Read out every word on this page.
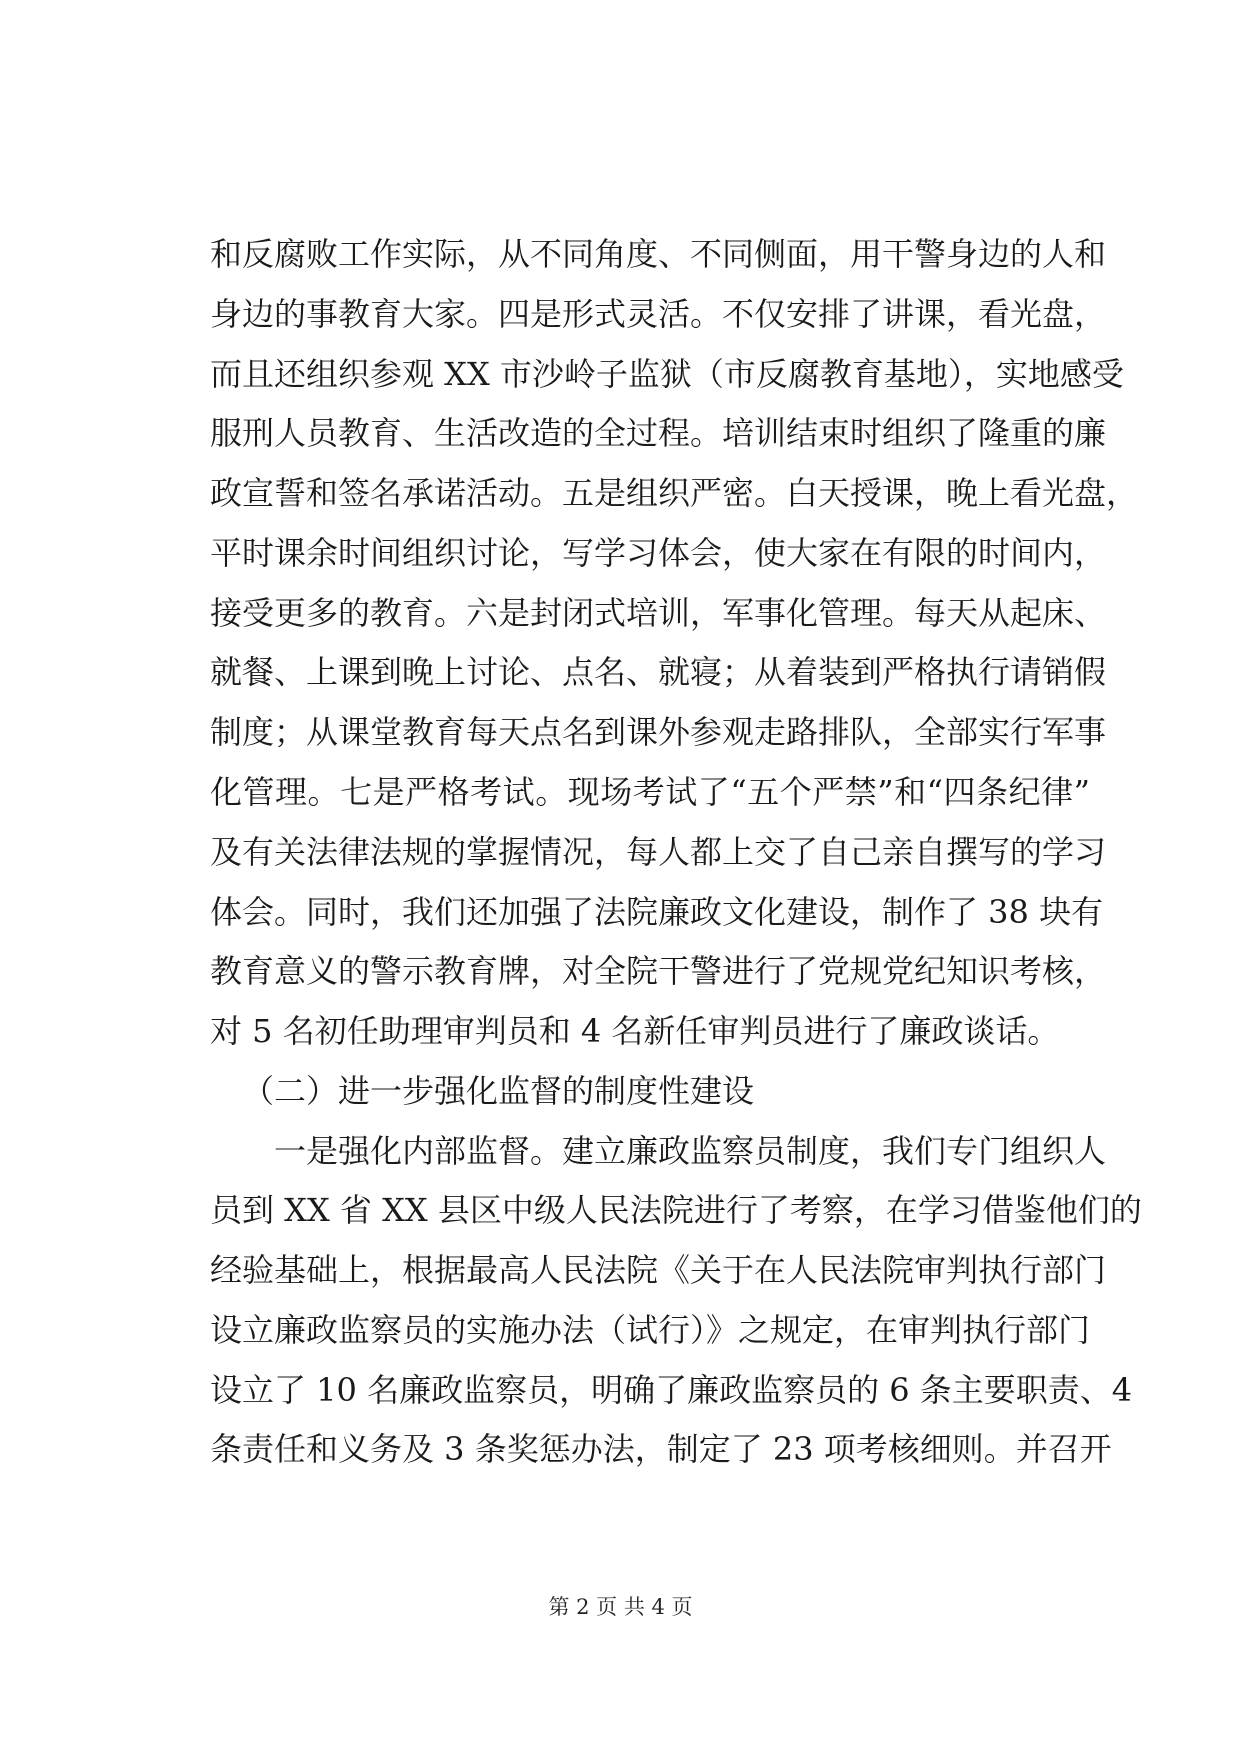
和反腐败工作实际，从不同角度、不同侧面，用干警身边的人和
身边的事教育大家。四是形式灵活。不仅安排了讲课，看光盘，
而且还组织参观 XX 市沙岭子监狱（市反腐教育基地），实地感受
服刑人员教育、生活改造的全过程。培训结束时组织了隆重的廉
政宣誓和签名承诺活动。五是组织严密。白天授课，晚上看光盘，
平时课余时间组织讨论，写学习体会，使大家在有限的时间内，
接受更多的教育。六是封闭式培训，军事化管理。每天从起床、
就餐、上课到晚上讨论、点名、就寝；从着装到严格执行请销假
制度；从课堂教育每天点名到课外参观走路排队，全部实行军事
化管理。七是严格考试。现场考试了“五个严禁”和“四条纪律”
及有关法律法规的掌握情况，每人都上交了自己亲自撰写的学习
体会。同时，我们还加强了法院廉政文化建设，制作了 38 块有
教育意义的警示教育牌，对全院干警进行了党规党纪知识考核，
对 5 名初任助理审判员和 4 名新任审判员进行了廉政谈话。
（二）进一步强化监督的制度性建设
一是强化内部监督。建立廉政监察员制度，我们专门组织人
员到 XX 省 XX 县区中级人民法院进行了考察，在学习借鉴他们的
经验基础上，根据最高人民法院《关于在人民法院审判执行部门
设立廉政监察员的实施办法（试行）》之规定，在审判执行部门
设立了 10 名廉政监察员，明确了廉政监察员的 6 条主要职责、4
条责任和义务及 3 条奖惩办法，制定了 23 项考核细则。并召开
第 2 页 共 4 页
